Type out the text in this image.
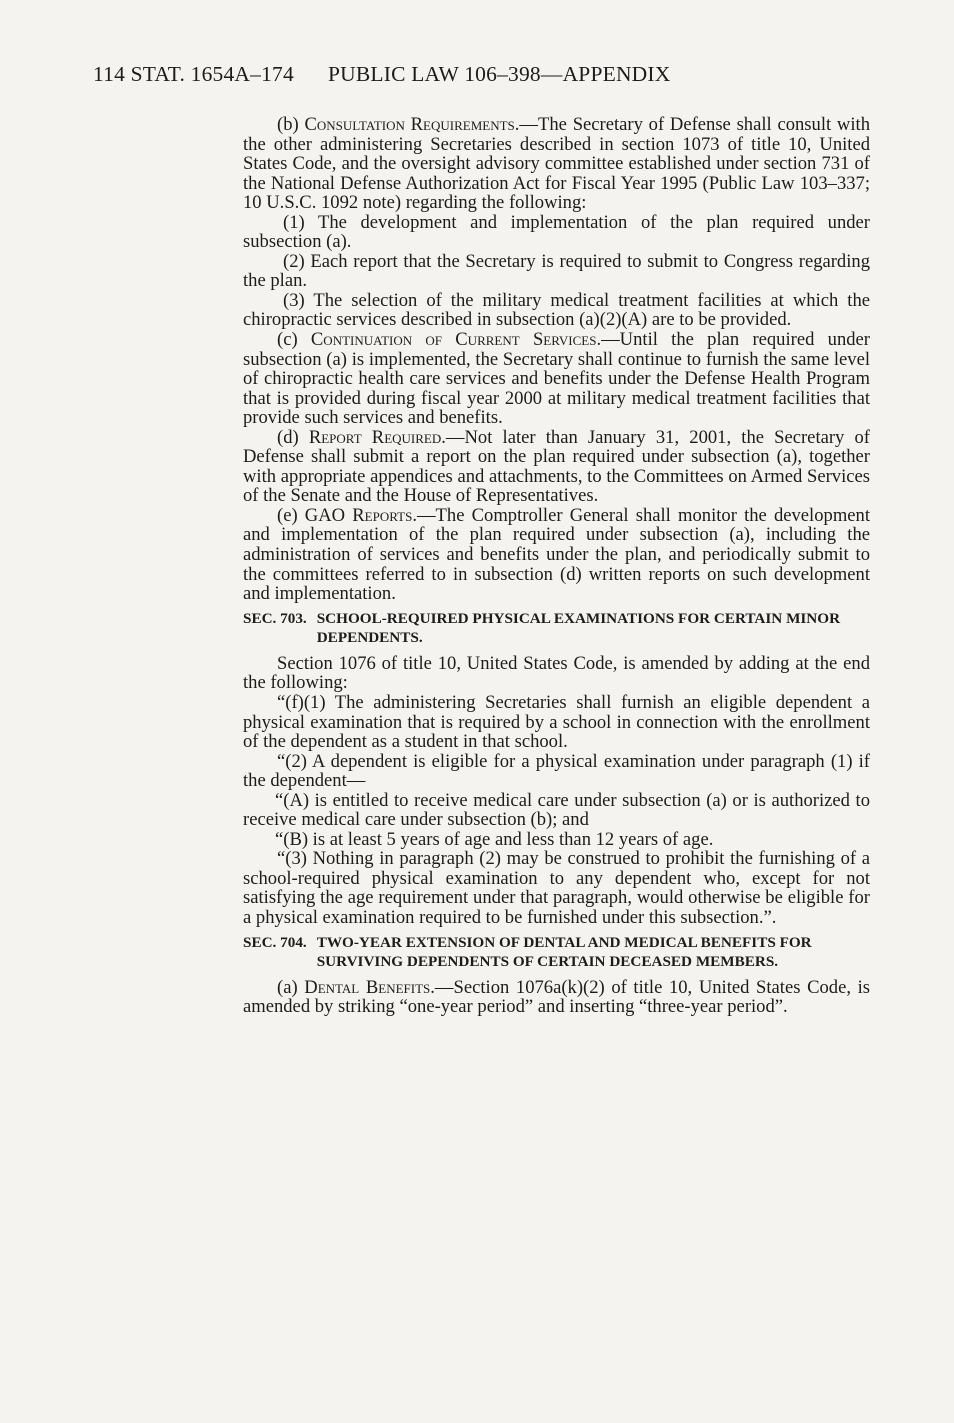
114 STAT. 1654A–174 PUBLIC LAW 106–398—APPENDIX

(b) Consultation Requirements.—The Secretary of Defense shall consult with the other administering Secretaries described in section 1073 of title 10, United States Code, and the oversight advisory committee established under section 731 of the National Defense Authorization Act for Fiscal Year 1995 (Public Law 103–337; 10 U.S.C. 1092 note) regarding the following:

(1) The development and implementation of the plan required under subsection (a).

(2) Each report that the Secretary is required to submit to Congress regarding the plan.

(3) The selection of the military medical treatment facilities at which the chiropractic services described in subsection (a)(2)(A) are to be provided.

(c) Continuation of Current Services.—Until the plan required under subsection (a) is implemented, the Secretary shall continue to furnish the same level of chiropractic health care services and benefits under the Defense Health Program that is provided during fiscal year 2000 at military medical treatment facilities that provide such services and benefits.

(d) Report Required.—Not later than January 31, 2001, the Secretary of Defense shall submit a report on the plan required under subsection (a), together with appropriate appendices and attachments, to the Committees on Armed Services of the Senate and the House of Representatives.

(e) GAO Reports.—The Comptroller General shall monitor the development and implementation of the plan required under subsection (a), including the administration of services and benefits under the plan, and periodically submit to the committees referred to in subsection (d) written reports on such development and implementation.

SEC. 703. SCHOOL-REQUIRED PHYSICAL EXAMINATIONS FOR CERTAIN MINOR DEPENDENTS.

Section 1076 of title 10, United States Code, is amended by adding at the end the following:

“(f)(1) The administering Secretaries shall furnish an eligible dependent a physical examination that is required by a school in connection with the enrollment of the dependent as a student in that school.

“(2) A dependent is eligible for a physical examination under paragraph (1) if the dependent—

“(A) is entitled to receive medical care under subsection (a) or is authorized to receive medical care under subsection (b); and

“(B) is at least 5 years of age and less than 12 years of age.

“(3) Nothing in paragraph (2) may be construed to prohibit the furnishing of a school-required physical examination to any dependent who, except for not satisfying the age requirement under that paragraph, would otherwise be eligible for a physical examination required to be furnished under this subsection.”.

SEC. 704. TWO-YEAR EXTENSION OF DENTAL AND MEDICAL BENEFITS FOR SURVIVING DEPENDENTS OF CERTAIN DECEASED MEMBERS.

(a) Dental Benefits.—Section 1076a(k)(2) of title 10, United States Code, is amended by striking “one-year period” and inserting “three-year period”.
